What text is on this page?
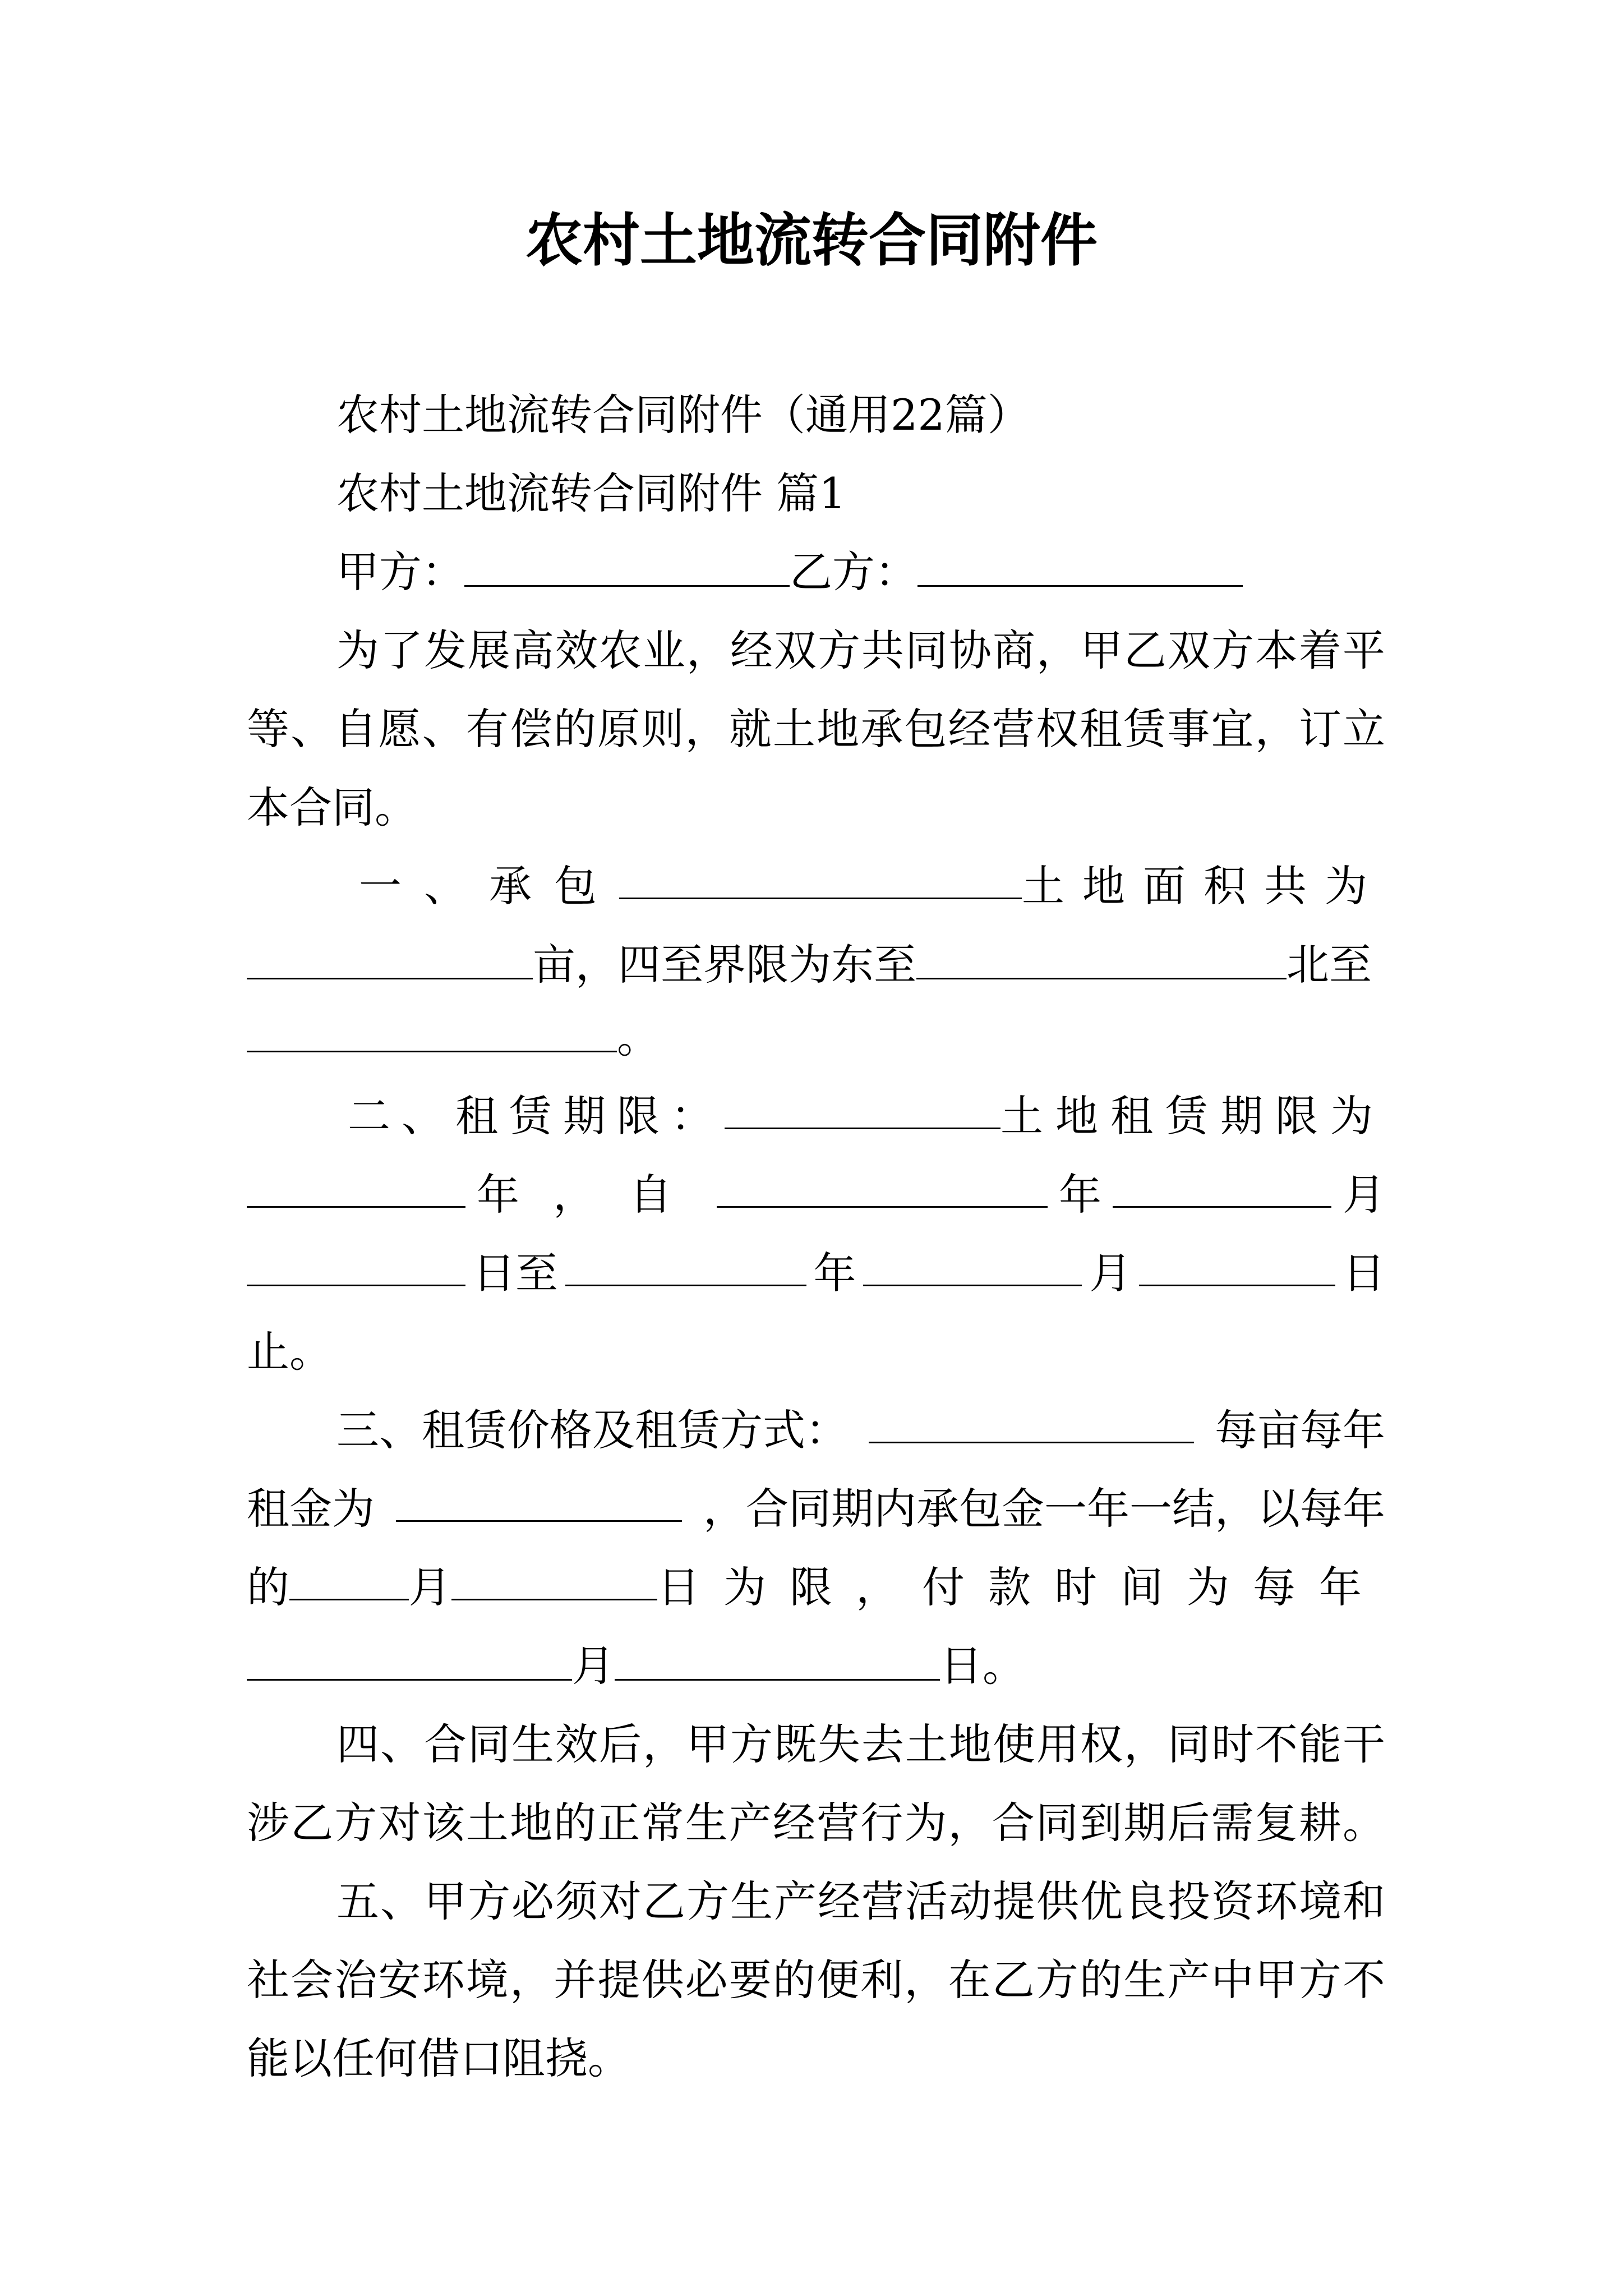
农村土地流转合同附件
农村土地流转合同附件（通用22篇）
农村土地流转合同附件 篇1
甲方：	乙方：
为了发展高效农业，经双方共同协商，甲乙双方本着平
等、自愿、有偿的原则，就土地承包经营权租赁事宜，订立
本合同。
一、承包	土地面积共为
亩，四至界限为东至	北至
。
二、租赁期限：	土地租赁期限为
年，自	年	月
日至	年	月	日
止。
三、租赁价格及租赁方式：	每亩每年
租金为	，合同期内承包金一年一结，以每年
的	月	日为限，付款时间为每年
月	日。
四、合同生效后，甲方既失去土地使用权，同时不能干
涉乙方对该土地的正常生产经营行为，合同到期后需复耕。
五、甲方必须对乙方生产经营活动提供优良投资环境和
社会治安环境，并提供必要的便利，在乙方的生产中甲方不
能以任何借口阻挠。
